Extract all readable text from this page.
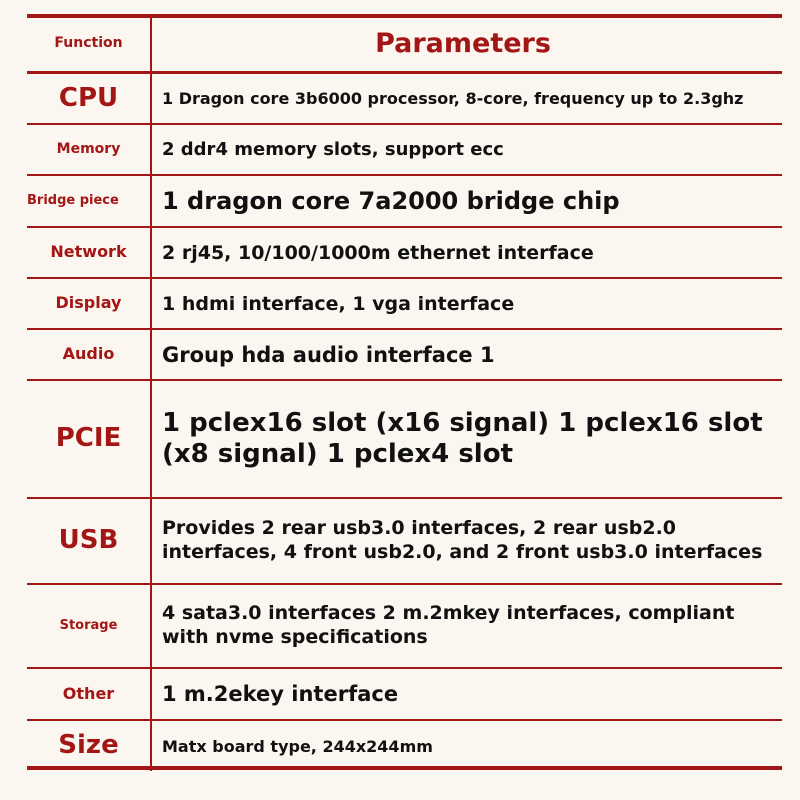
Function	Parameters
CPU	1 Dragon core 3b6000 processor, 8-core, frequency up to 2.3ghz
Memory	2 ddr4 memory slots, support ecc
Bridge piece	1 dragon core 7a2000 bridge chip
Network	2 rj45, 10/100/1000m ethernet interface
Display	1 hdmi interface, 1 vga interface
Audio	Group hda audio interface 1
PCIE	1 pclex16 slot (x16 signal) 1 pclex16 slot (x8 signal) 1 pclex4 slot
USB	Provides 2 rear usb3.0 interfaces, 2 rear usb2.0 interfaces, 4 front usb2.0, and 2 front usb3.0 interfaces
Storage	4 sata3.0 interfaces 2 m.2mkey interfaces, compliant with nvme specifications
Other	1 m.2ekey interface
Size	Matx board type, 244x244mm
